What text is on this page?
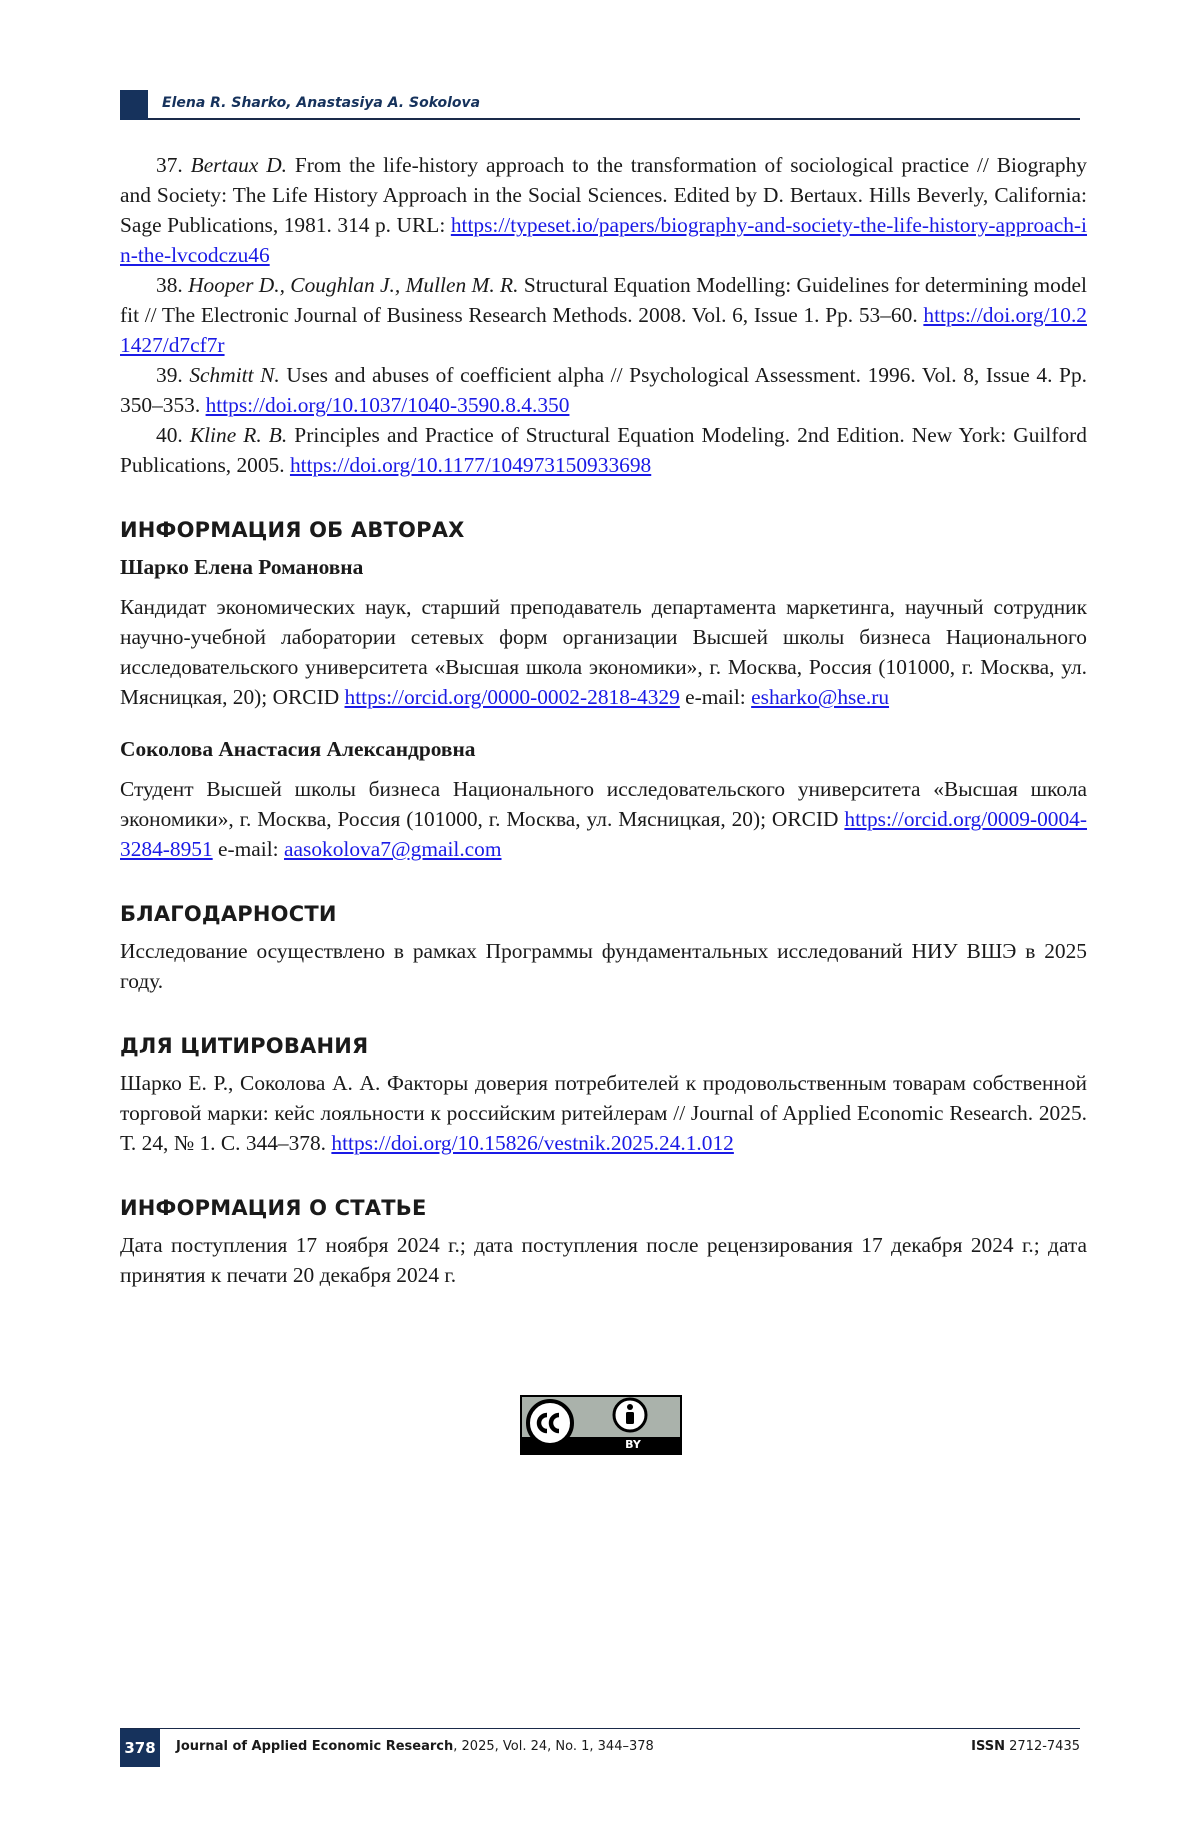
Elena R. Sharko, Anastasiya A. Sokolova
37. Bertaux D. From the life-history approach to the transformation of sociological practice // Biography and Society: The Life History Approach in the Social Sciences. Edited by D. Bertaux. Hills Beverly, California: Sage Publications, 1981. 314 p. URL: https://typeset.io/papers/biography-and-society-the-life-history-approach-in-the-lvcodczu46
38. Hooper D., Coughlan J., Mullen M. R. Structural Equation Modelling: Guidelines for determining model fit // The Electronic Journal of Business Research Methods. 2008. Vol. 6, Issue 1. Pp. 53–60. https://doi.org/10.21427/d7cf7r
39. Schmitt N. Uses and abuses of coefficient alpha // Psychological Assessment. 1996. Vol. 8, Issue 4. Pp. 350–353. https://doi.org/10.1037/1040-3590.8.4.350
40. Kline R. B. Principles and Practice of Structural Equation Modeling. 2nd Edition. New York: Guilford Publications, 2005. https://doi.org/10.1177/104973150933698
ИНФОРМАЦИЯ ОБ АВТОРАХ
Шарко Елена Романовна
Кандидат экономических наук, старший преподаватель департамента маркетинга, научный сотрудник научно-учебной лаборатории сетевых форм организации Высшей школы бизнеса Национального исследовательского университета «Высшая школа экономики», г. Москва, Россия (101000, г. Москва, ул. Мясницкая, 20); ORCID https://orcid.org/0000-0002-2818-4329 e-mail: esharko@hse.ru
Соколова Анастасия Александровна
Студент Высшей школы бизнеса Национального исследовательского университета «Высшая школа экономики», г. Москва, Россия (101000, г. Москва, ул. Мясницкая, 20); ORCID https://orcid.org/0009-0004-3284-8951 e-mail: aasokolova7@gmail.com
БЛАГОДАРНОСТИ
Исследование осуществлено в рамках Программы фундаментальных исследований НИУ ВШЭ в 2025 году.
ДЛЯ ЦИТИРОВАНИЯ
Шарко Е. Р., Соколова А. А. Факторы доверия потребителей к продовольственным товарам собственной торговой марки: кейс лояльности к российским ритейлерам // Journal of Applied Economic Research. 2025. Т. 24, № 1. С. 344–378. https://doi.org/10.15826/vestnik.2025.24.1.012
ИНФОРМАЦИЯ О СТАТЬЕ
Дата поступления 17 ноября 2024 г.; дата поступления после рецензирования 17 декабря 2024 г.; дата принятия к печати 20 декабря 2024 г.
BY
378	Journal of Applied Economic Research, 2025, Vol. 24, No. 1, 344–378	ISSN 2712-7435
